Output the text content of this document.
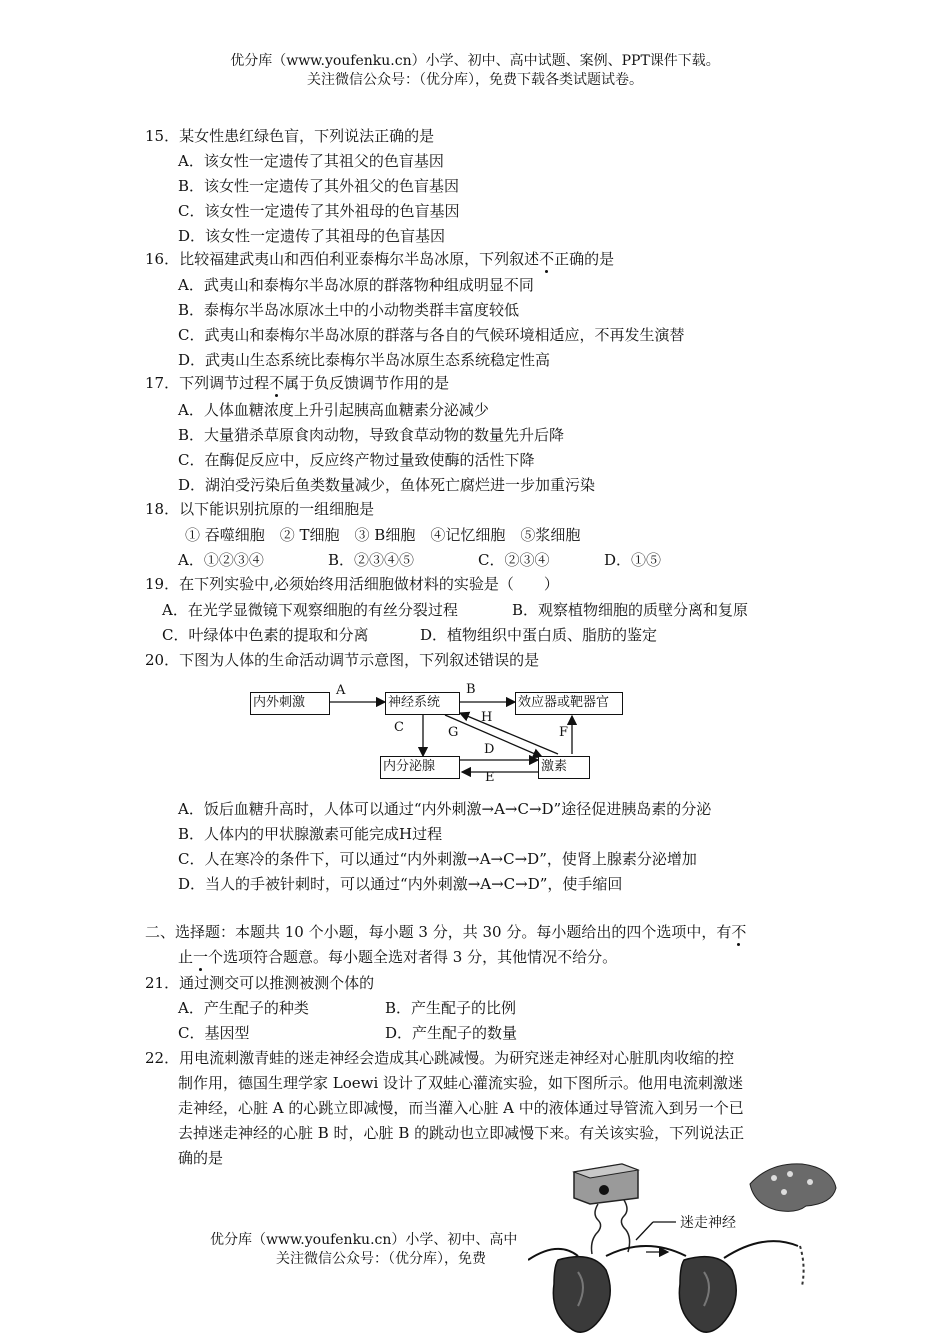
优分库（www.youfenku.cn）小学、初中、高中试题、案例、PPT课件下载。
关注微信公众号：（优分库），免费下载各类试题试卷。
15．某女性患红绿色盲，下列说法正确的是
A．该女性一定遗传了其祖父的色盲基因
B．该女性一定遗传了其外祖父的色盲基因
C．该女性一定遗传了其外祖母的色盲基因
D．该女性一定遗传了其祖母的色盲基因
16．比较福建武夷山和西伯利亚泰梅尔半岛冰原，下列叙述不正确的是
A．武夷山和泰梅尔半岛冰原的群落物种组成明显不同
B．泰梅尔半岛冰原冰土中的小动物类群丰富度较低
C．武夷山和泰梅尔半岛冰原的群落与各自的气候环境相适应，不再发生演替
D．武夷山生态系统比泰梅尔半岛冰原生态系统稳定性高
17．下列调节过程不属于负反馈调节作用的是
A．人体血糖浓度上升引起胰高血糖素分泌减少
B．大量猎杀草原食肉动物，导致食草动物的数量先升后降
C．在酶促反应中，反应终产物过量致使酶的活性下降
D．湖泊受污染后鱼类数量减少，鱼体死亡腐烂进一步加重污染
18．以下能识别抗原的一组细胞是
① 吞噬细胞　② T细胞　③ B细胞　④记忆细胞　⑤浆细胞
A．①②③④	B．②③④⑤	C．②③④	D．①⑤
19．在下列实验中,必须始终用活细胞做材料的实验是（　　）
A．在光学显微镜下观察细胞的有丝分裂过程	B．观察植物细胞的质壁分离和复原
C．叶绿体中色素的提取和分离	D．植物组织中蛋白质、脂肪的鉴定
20．下图为人体的生命活动调节示意图，下列叙述错误的是
内外刺激	神经系统	效应器或靶器官
内分泌腺	激素
A	B
C
D
E
F
G
H
A．饭后血糖升高时，人体可以通过“内外刺激→A→C→D”途径促进胰岛素的分泌
B．人体内的甲状腺激素可能完成H过程
C．人在寒冷的条件下，可以通过“内外刺激→A→C→D”，使肾上腺素分泌增加
D．当人的手被针刺时，可以通过“内外刺激→A→C→D”，使手缩回
二、选择题：本题共 10 个小题，每小题 3 分，共 30 分。每小题给出的四个选项中，有不
止一个选项符合题意。每小题全选对者得 3 分，其他情况不给分。
21．通过测交可以推测被测个体的
A．产生配子的种类	B．产生配子的比例
C．基因型	D．产生配子的数量
22．用电流刺激青蛙的迷走神经会造成其心跳减慢。为研究迷走神经对心脏肌肉收缩的控
制作用，德国生理学家 Loewi 设计了双蛙心灌流实验，如下图所示。他用电流刺激迷
走神经，心脏 A 的心跳立即减慢，而当灌入心脏 A 中的液体通过导管流入到另一个已
去掉迷走神经的心脏 B 时，心脏 B 的跳动也立即减慢下来。有关该实验，下列说法正
确的是
优分库（www.youfenku.cn）小学、初中、高中
关注微信公众号：（优分库），免费
迷走神经
